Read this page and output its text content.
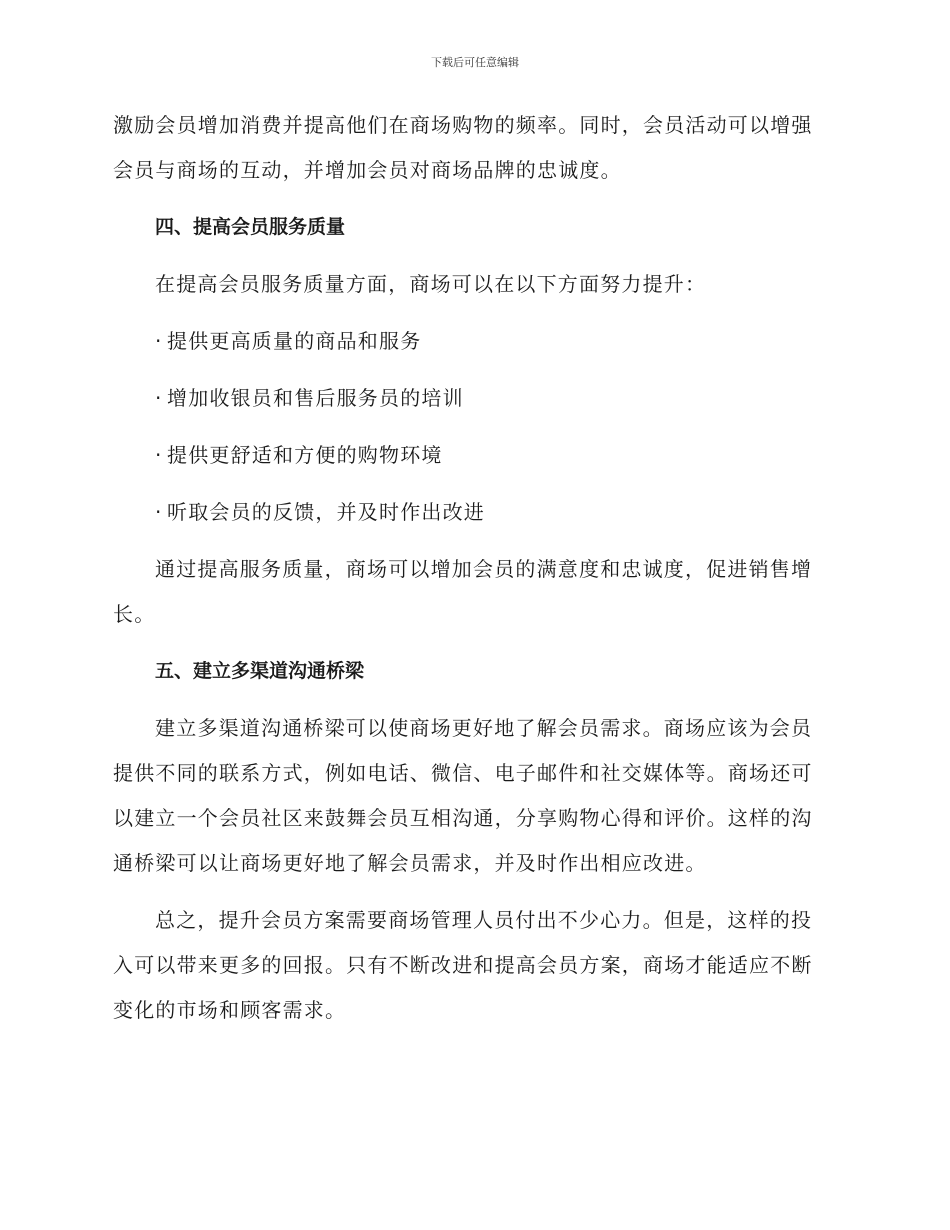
下载后可任意编辑
激励会员增加消费并提高他们在商场购物的频率。同时，会员活动可以增强
会员与商场的互动，并增加会员对商场品牌的忠诚度。
四、提高会员服务质量
在提高会员服务质量方面，商场可以在以下方面努力提升：
· 提供更高质量的商品和服务
· 增加收银员和售后服务员的培训
· 提供更舒适和方便的购物环境
· 听取会员的反馈，并及时作出改进
通过提高服务质量，商场可以增加会员的满意度和忠诚度，促进销售增
长。
五、建立多渠道沟通桥梁
建立多渠道沟通桥梁可以使商场更好地了解会员需求。商场应该为会员
提供不同的联系方式，例如电话、微信、电子邮件和社交媒体等。商场还可
以建立一个会员社区来鼓舞会员互相沟通，分享购物心得和评价。这样的沟
通桥梁可以让商场更好地了解会员需求，并及时作出相应改进。
总之，提升会员方案需要商场管理人员付出不少心力。但是，这样的投
入可以带来更多的回报。只有不断改进和提高会员方案，商场才能适应不断
变化的市场和顾客需求。
